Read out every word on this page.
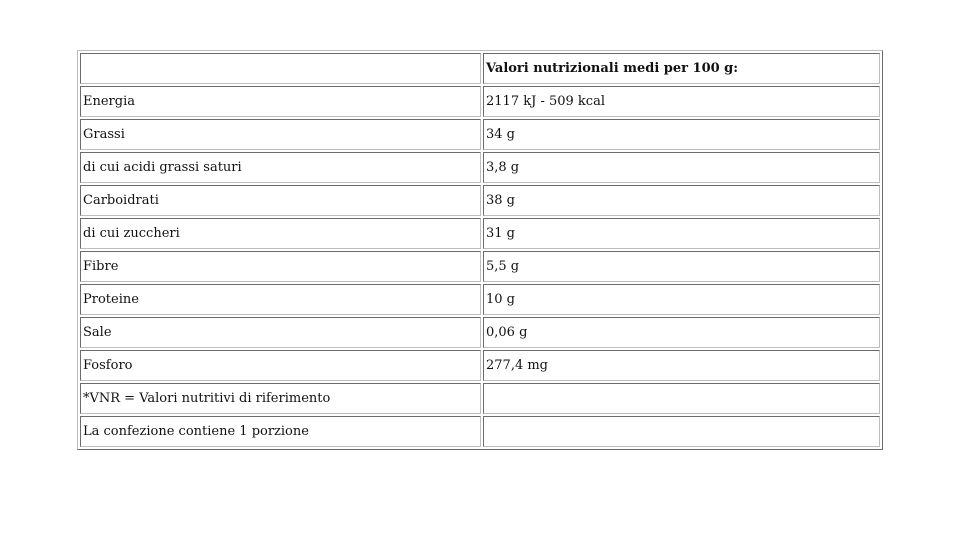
	Valori nutrizionali medi per 100 g:
Energia	2117 kJ - 509 kcal
Grassi	34 g
di cui acidi grassi saturi	3,8 g
Carboidrati	38 g
di cui zuccheri	31 g
Fibre	5,5 g
Proteine	10 g
Sale	0,06 g
Fosforo	277,4 mg
*VNR = Valori nutritivi di riferimento	
La confezione contiene 1 porzione	
